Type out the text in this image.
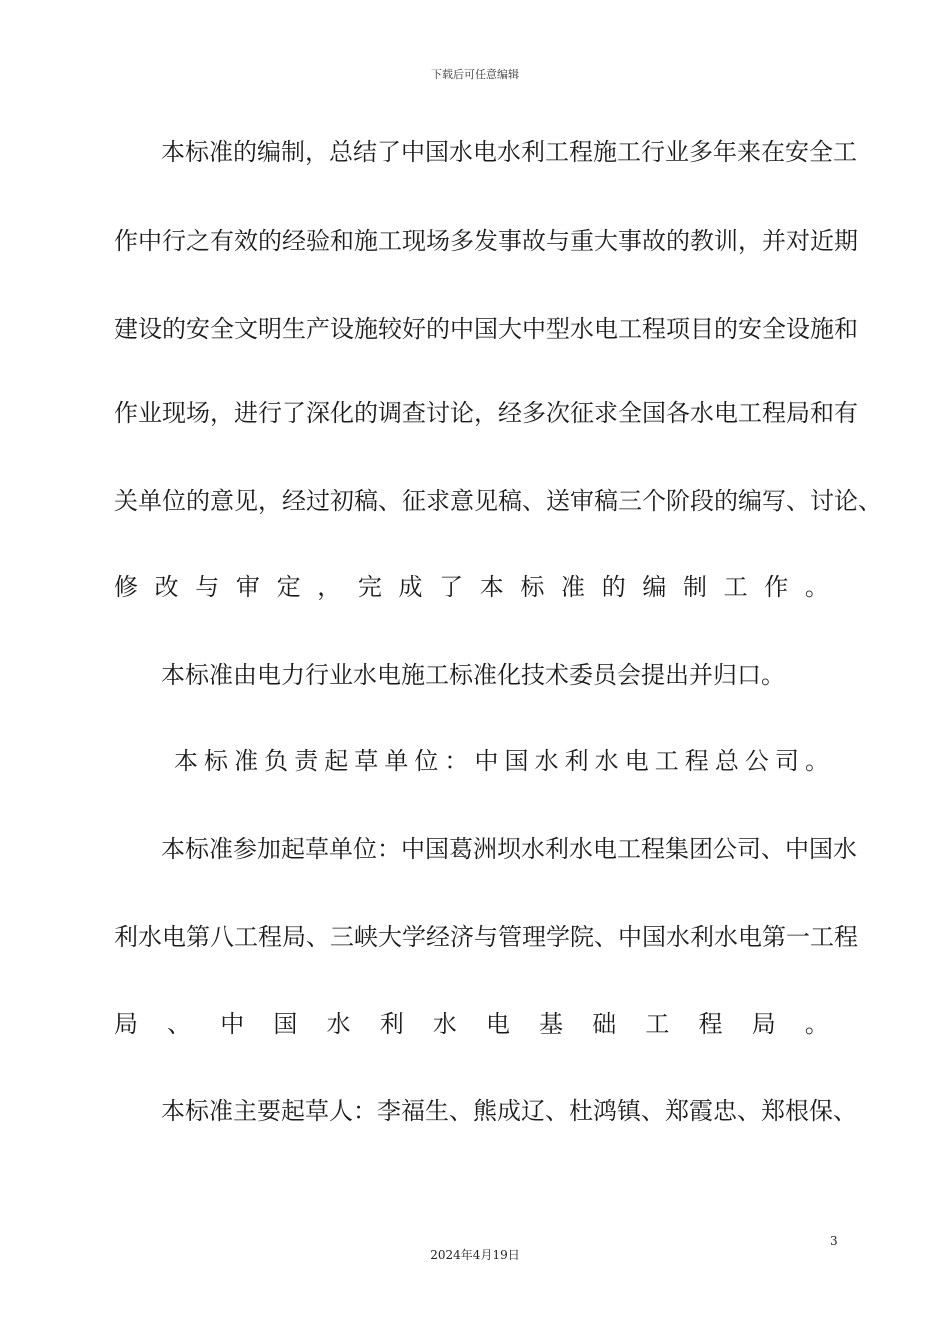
下载后可任意编辑
本标准的编制，总结了中国水电水利工程施工行业多年来在安全工
作中行之有效的经验和施工现场多发事故与重大事故的教训，并对近期
建设的安全文明生产设施较好的中国大中型水电工程项目的安全设施和
作业现场，进行了深化的调查讨论，经多次征求全国各水电工程局和有
关单位的意见，经过初稿、征求意见稿、送审稿三个阶段的编写、讨论、
修 改 与 审 定 ， 完 成 了 本 标 准 的 编 制 工 作 。
本标准由电力行业水电施工标准化技术委员会提出并归口。
本 标 准 负 责 起 草 单 位 ： 中 国 水 利 水 电 工 程 总 公 司 。
本标准参加起草单位：中国葛洲坝水利水电工程集团公司、中国水
利水电第八工程局、三峡大学经济与管理学院、中国水利水电第一工程
局 、 中 国 水 利 水 电 基 础 工 程 局 。
本标准主要起草人：李福生、熊成辽、杜鸿镇、郑霞忠、郑根保、
3
2024年4月19日
